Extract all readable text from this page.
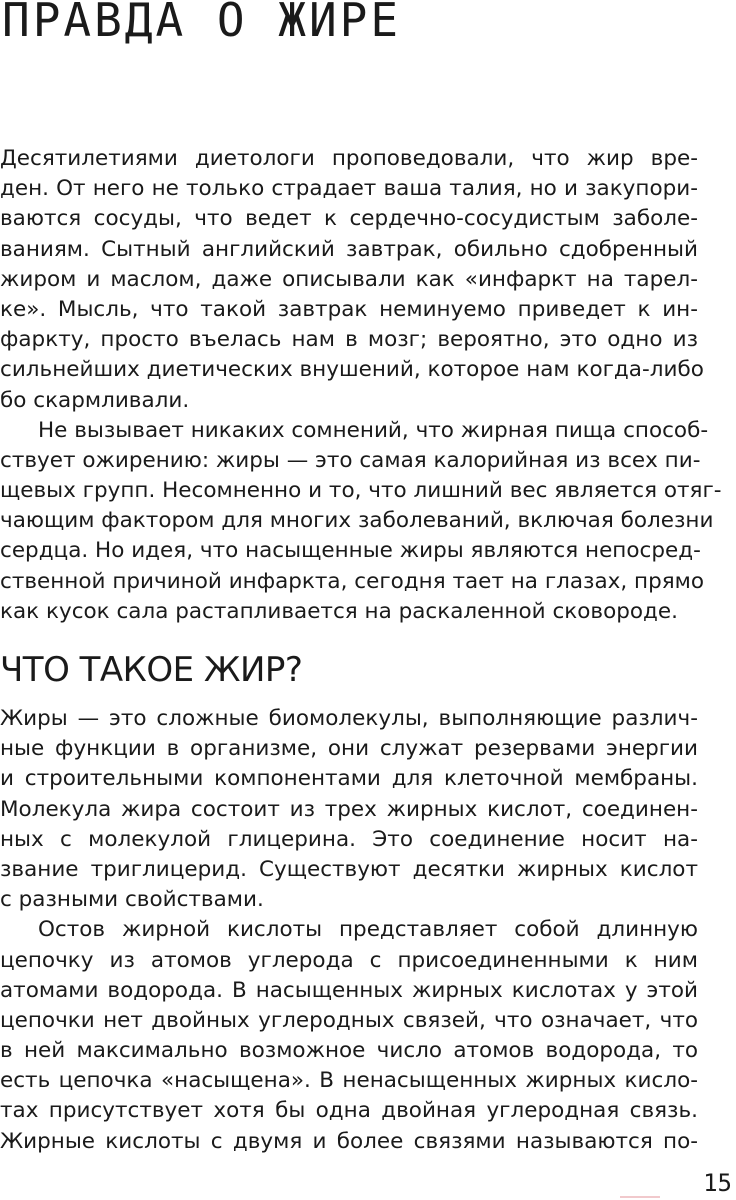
ПРАВДА О ЖИРЕ
Десятилетиями диетологи проповедовали, что жир вре-
ден. От него не только страдает ваша талия, но и закупори-
ваются сосуды, что ведет к сердечно-сосудистым заболе-
ваниям. Сытный английский завтрак, обильно сдобренный
жиром и маслом, даже описывали как «инфаркт на тарел-
ке». Мысль, что такой завтрак неминуемо приведет к ин-
фаркту, просто въелась нам в мозг; вероятно, это одно из
сильнейших диетических внушений, которое нам когда-либо
бо скармливали.
Не вызывает никаких сомнений, что жирная пища способ-
ствует ожирению: жиры — это самая калорийная из всех пи-
щевых групп. Несомненно и то, что лишний вес является отяг-
чающим фактором для многих заболеваний, включая болезни
сердца. Но идея, что насыщенные жиры являются непосред-
ственной причиной инфаркта, сегодня тает на глазах, прямо
как кусок сала растапливается на раскаленной сковороде.
ЧТО ТАКОЕ ЖИР?
Жиры — это сложные биомолекулы, выполняющие различ-
ные функции в организме, они служат резервами энергии
и строительными компонентами для клеточной мембраны.
Молекула жира состоит из трех жирных кислот, соединен-
ных с молекулой глицерина. Это соединение носит на-
звание триглицерид. Существуют десятки жирных кислот
с разными свойствами.
Остов жирной кислоты представляет собой длинную
цепочку из атомов углерода с присоединенными к ним
атомами водорода. В насыщенных жирных кислотах у этой
цепочки нет двойных углеродных связей, что означает, что
в ней максимально возможное число атомов водорода, то
есть цепочка «насыщена». В ненасыщенных жирных кисло-
тах присутствует хотя бы одна двойная углеродная связь.
Жирные кислоты с двумя и более связями называются по-
15
